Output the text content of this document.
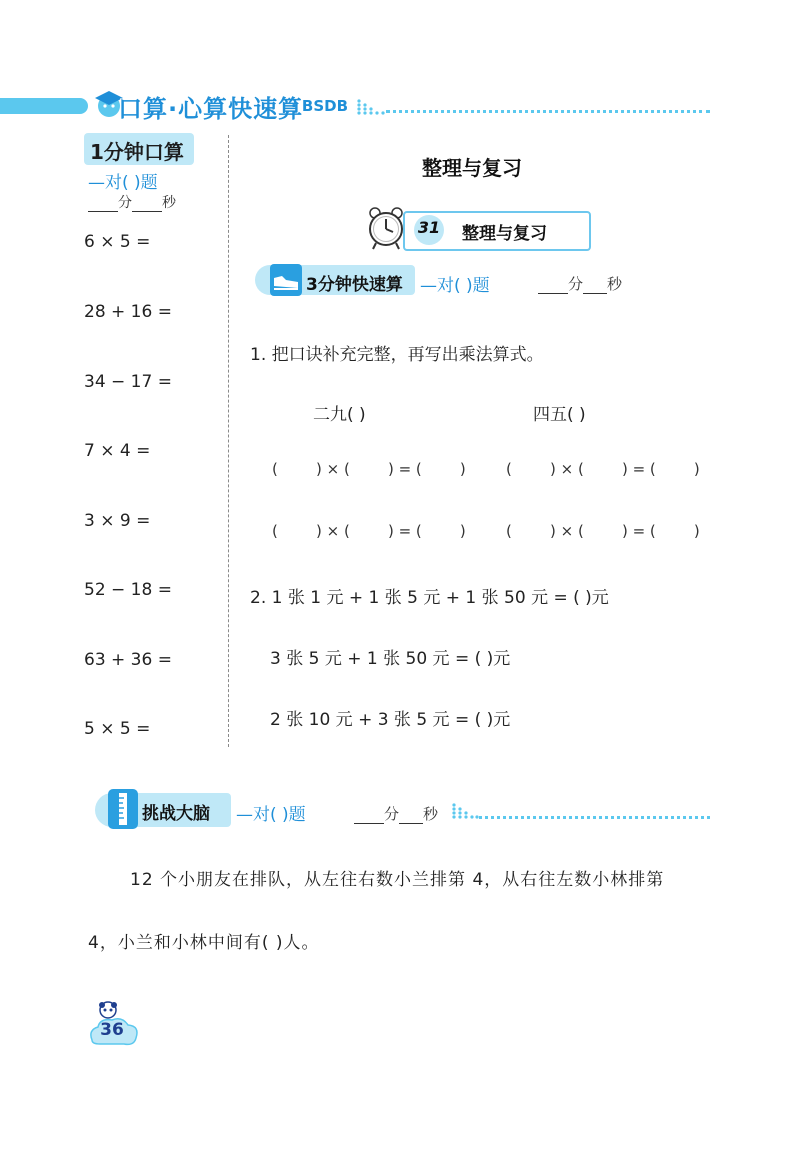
口算·心算快速算
· BSDB
1分钟口算
—对( )题
分 秒
6 × 5 =
28 + 16 =
34 − 17 =
7 × 4 =
3 × 9 =
52 − 18 =
63 + 36 =
5 × 5 =
整理与复习
31 整理与复习
3分钟快速算 —对( )题	分 秒
1. 把口诀补充完整，再写出乘法算式。
二九( )	四五( )
(        ) × (        ) = (        )	(        ) × (        ) = (        )
(        ) × (        ) = (        )	(        ) × (        ) = (        )
2. 1 张 1 元 + 1 张 5 元 + 1 张 50 元 = ( )元
3 张 5 元 + 1 张 50 元 = ( )元
2 张 10 元 + 3 张 5 元 = ( )元
挑战大脑 —对( )题	分 秒
12 个小朋友在排队，从左往右数小兰排第 4，从右往左数小林排第
4，小兰和小林中间有( )人。
36
